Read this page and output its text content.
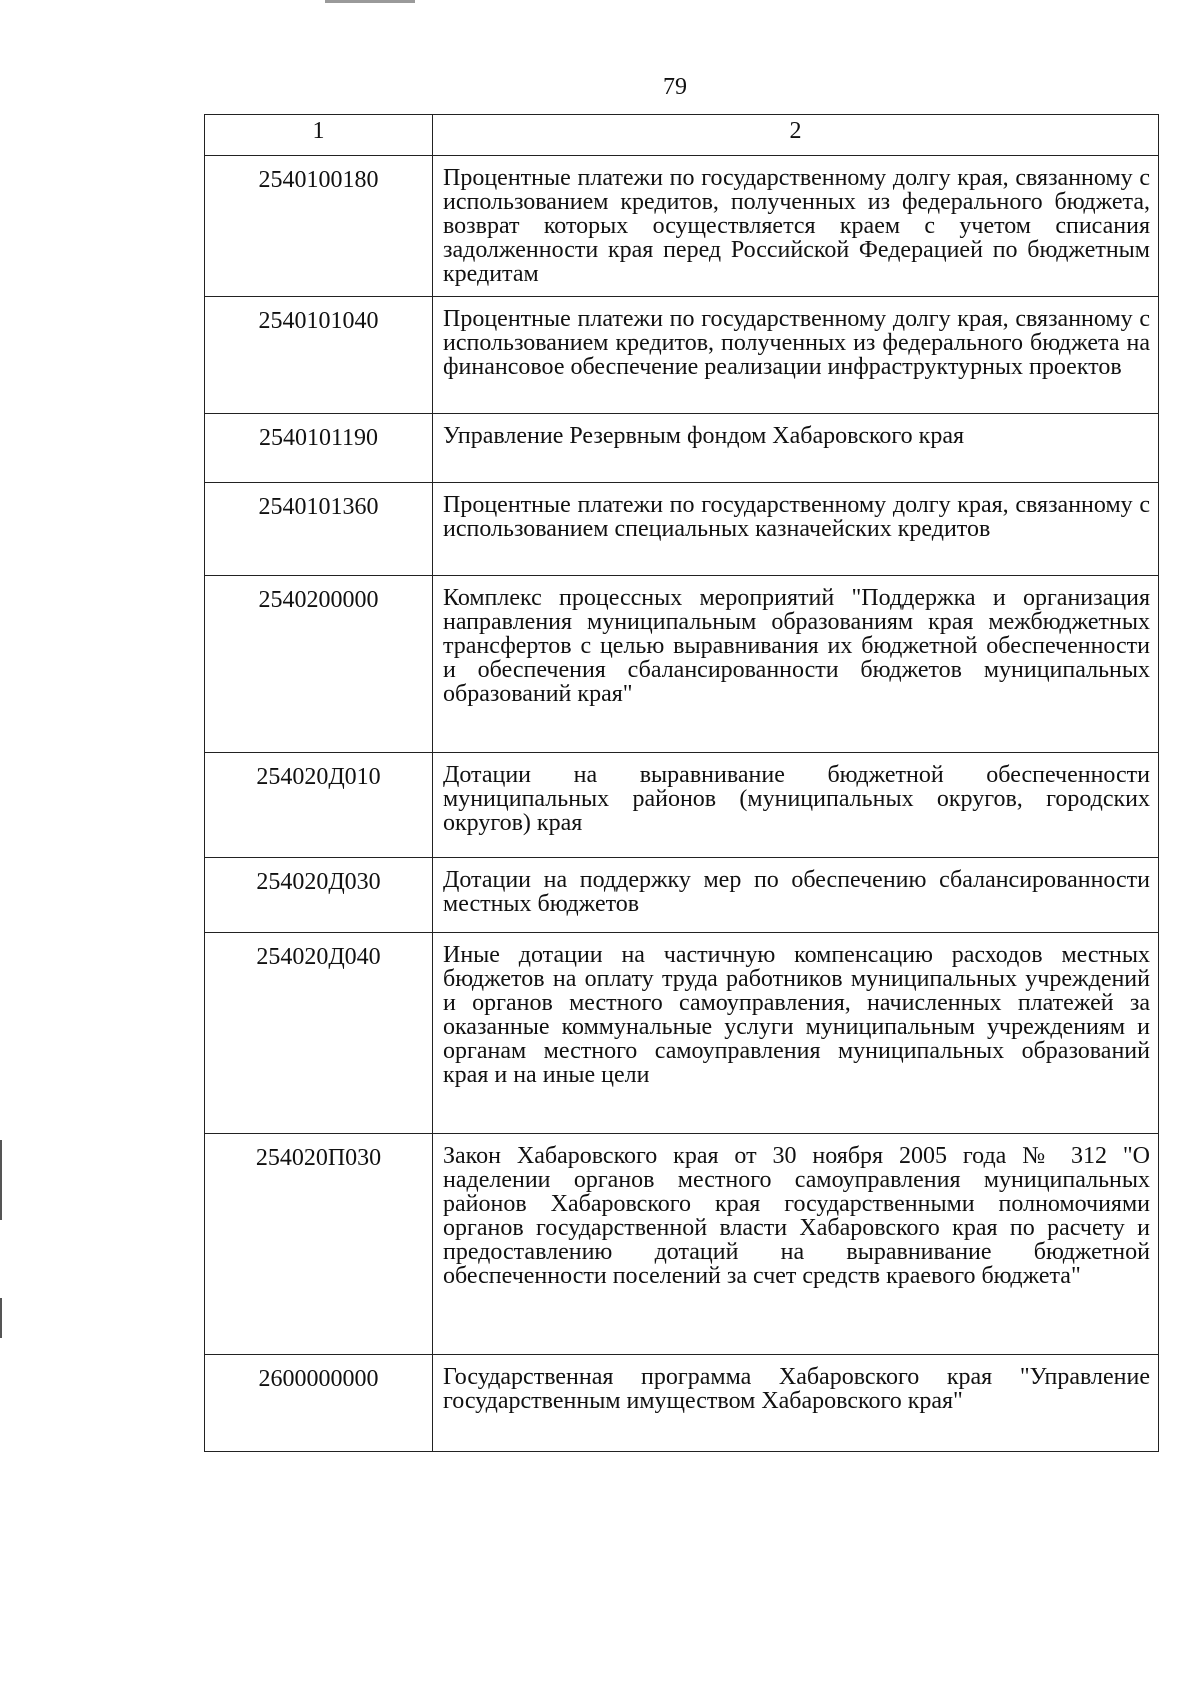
79
1	2
2540100180	Процентные платежи по государственному долгу края, связанному с использованием кредитов, полученных из федерального бюджета, возврат которых осуществляется краем с учетом списания задолженности края перед Российской Федерацией по бюджетным кредитам
2540101040	Процентные платежи по государственному долгу края, связанному с использованием кредитов, полученных из федерального бюджета на финансовое обеспечение реализации инфраструктурных проектов
2540101190	Управление Резервным фондом Хабаровского края
2540101360	Процентные платежи по государственному долгу края, связанному с использованием специальных казначейских кредитов
2540200000	Комплекс процессных мероприятий "Поддержка и организация направления муниципальным образованиям края межбюджетных трансфертов с целью выравнивания их бюджетной обеспеченности и обеспечения сбалансированности бюджетов муниципальных образований края"
254020Д010	Дотации на выравнивание бюджетной обеспеченности муниципальных районов (муниципальных округов, городских округов) края
254020Д030	Дотации на поддержку мер по обеспечению сбалансированности местных бюджетов
254020Д040	Иные дотации на частичную компенсацию расходов местных бюджетов на оплату труда работников муниципальных учреждений и органов местного самоуправления, начисленных платежей за оказанные коммунальные услуги муниципальным учреждениям и органам местного самоуправления муниципальных образований края и на иные цели
254020П030	Закон Хабаровского края от 30 ноября 2005 года № 312 "О наделении органов местного самоуправления муниципальных районов Хабаровского края государственными полномочиями органов государственной власти Хабаровского края по расчету и предоставлению дотаций на выравнивание бюджетной обеспеченности поселений за счет средств краевого бюджета"
2600000000	Государственная программа Хабаровского края "Управление государственным имуществом Хабаровского края"
